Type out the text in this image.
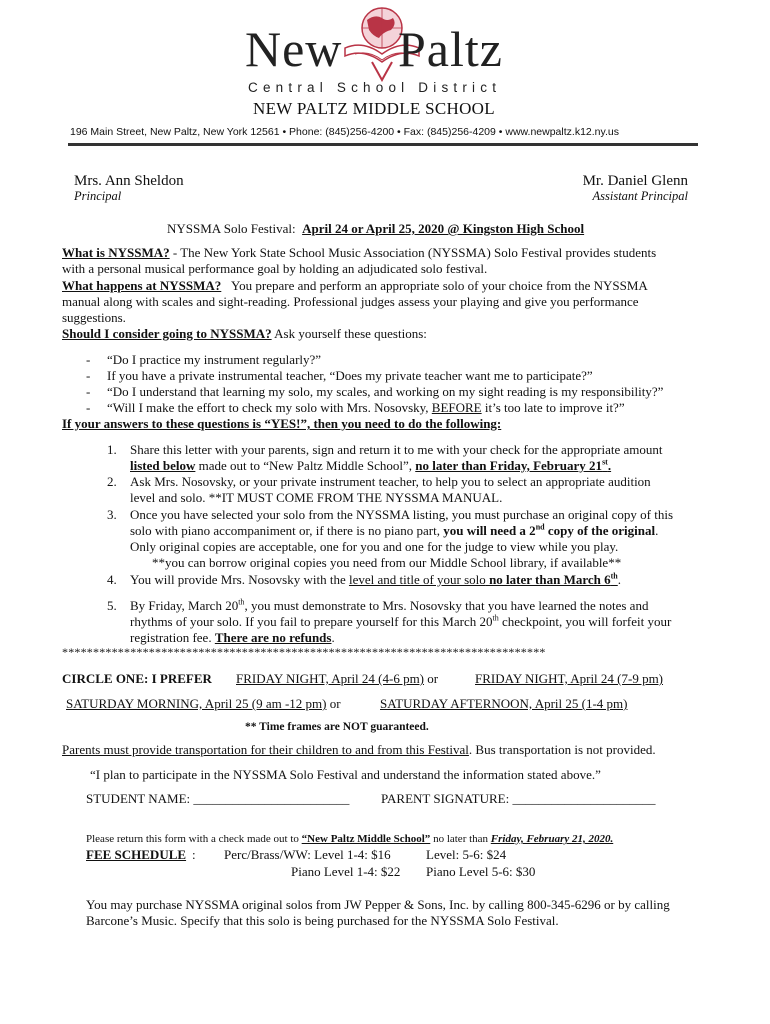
New Paltz
Central School District
NEW PALTZ MIDDLE SCHOOL
196 Main Street, New Paltz, New York 12561 • Phone: (845)256-4200 • Fax: (845)256-4209 • www.newpaltz.k12.ny.us
Mrs. Ann Sheldon
Principal
Mr. Daniel Glenn
Assistant Principal
NYSSMA Solo Festival: April 24 or April 25, 2020 @ Kingston High School
What is NYSSMA? - The New York State School Music Association (NYSSMA) Solo Festival provides students
with a personal musical performance goal by holding an adjudicated solo festival.
What happens at NYSSMA? You prepare and perform an appropriate solo of your choice from the NYSSMA
manual along with scales and sight-reading. Professional judges assess your playing and give you performance
suggestions.
Should I consider going to NYSSMA? Ask yourself these questions:
- “Do I practice my instrument regularly?”
- If you have a private instrumental teacher, “Does my private teacher want me to participate?”
- “Do I understand that learning my solo, my scales, and working on my sight reading is my responsibility?”
- “Will I make the effort to check my solo with Mrs. Nosovsky, BEFORE it’s too late to improve it?”
If your answers to these questions is “YES!”, then you need to do the following:
1. Share this letter with your parents, sign and return it to me with your check for the appropriate amount
listed below made out to “New Paltz Middle School”, no later than Friday, February 21st.
2. Ask Mrs. Nosovsky, or your private instrument teacher, to help you to select an appropriate audition
level and solo. **IT MUST COME FROM THE NYSSMA MANUAL.
3. Once you have selected your solo from the NYSSMA listing, you must purchase an original copy of this
solo with piano accompaniment or, if there is no piano part, you will need a 2nd copy of the original.
Only original copies are acceptable, one for you and one for the judge to view while you play.
**you can borrow original copies you need from our Middle School library, if available**
4. You will provide Mrs. Nosovsky with the level and title of your solo no later than March 6th.
5. By Friday, March 20th, you must demonstrate to Mrs. Nosovsky that you have learned the notes and
rhythms of your solo. If you fail to prepare yourself for this March 20th checkpoint, you will forfeit your
registration fee. There are no refunds.
******************************************************************************
CIRCLE ONE: I PREFER FRIDAY NIGHT, April 24 (4-6 pm) or	FRIDAY NIGHT, April 24 (7-9 pm)
SATURDAY MORNING, April 25 (9 am -12 pm) or	SATURDAY AFTERNOON, April 25 (1-4 pm)
** Time frames are NOT guaranteed.
Parents must provide transportation for their children to and from this Festival. Bus transportation is not provided.
“I plan to participate in the NYSSMA Solo Festival and understand the information stated above.”
STUDENT NAME: ________________________ PARENT SIGNATURE: ______________________
Please return this form with a check made out to “New Paltz Middle School” no later than Friday, February 21, 2020.
FEE SCHEDULE : Perc/Brass/WW: Level 1-4: $16	Level: 5-6: $24
Piano Level 1-4: $22 Piano Level 5-6: $30
You may purchase NYSSMA original solos from JW Pepper & Sons, Inc. by calling 800-345-6296 or by calling
Barcone’s Music. Specify that this solo is being purchased for the NYSSMA Solo Festival.
